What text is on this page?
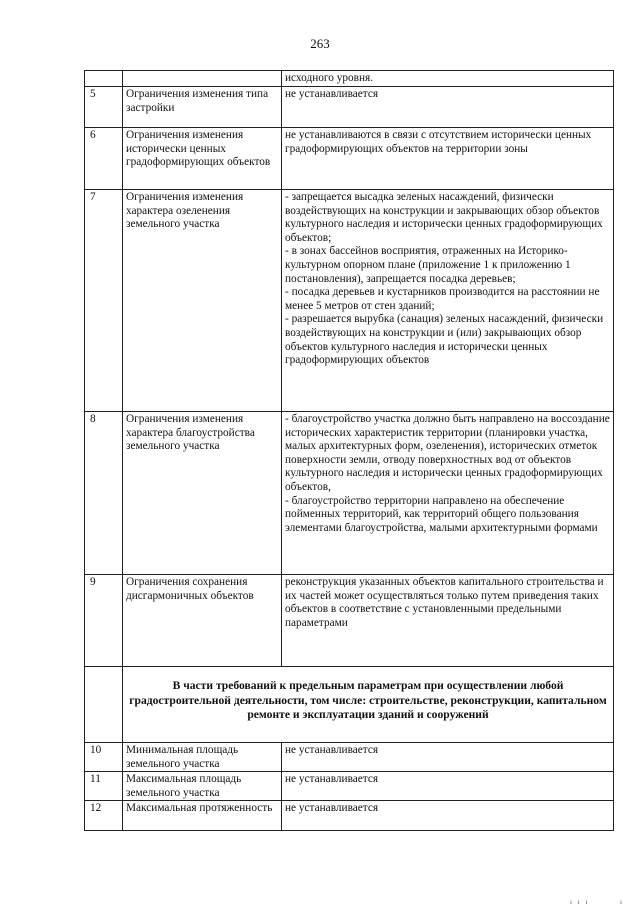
263

		исходного уровня.

5	Ограничения изменения типа застройки	не устанавливается

6	Ограничения изменения исторически ценных градоформирующих объектов	не устанавливаются в связи с отсутствием исторически ценных градоформирующих объектов на территории зоны

7	Ограничения изменения характера озеленения земельного участка	- запрещается высадка зеленых насаждений, физически воздействующих на конструкции и закрывающих обзор объектов культурного наследия и исторически ценных градоформирующих объектов;
- в зонах бассейнов восприятия, отраженных на Историко-культурном опорном плане (приложение 1 к приложению 1 постановления), запрещается посадка деревьев;
- посадка деревьев и кустарников производится на расстоянии не менее 5 метров от стен зданий;
- разрешается вырубка (санация) зеленых насаждений, физически воздействующих на конструкции и (или) закрывающих обзор объектов культурного наследия и исторически ценных градоформирующих объектов

8	Ограничения изменения характера благоустройства земельного участка	- благоустройство участка должно быть направлено на воссоздание исторических характеристик территории (планировки участка, малых архитектурных форм, озеленения), исторических отметок поверхности земли, отводу поверхностных вод от объектов культурного наследия и исторически ценных градоформирующих объектов,
- благоустройство территории направлено на обеспечение пойменных территорий, как территорий общего пользования элементами благоустройства, малыми архитектурными формами

9	Ограничения сохранения дисгармоничных объектов	реконструкция указанных объектов капитального строительства и их частей может осуществляться только путем приведения таких объектов в соответствие с установленными предельными параметрами

	В части требований к предельным параметрам при осуществлении любой градостроительной деятельности, том числе: строительстве, реконструкции, капитальном ремонте и эксплуатации зданий и сооружений	
10	Минимальная площадь земельного участка	не устанавливается

11	Максимальная площадь земельного участка	не устанавливается

12	Максимальная протяженность	не устанавливается
ı ı ı	ı
